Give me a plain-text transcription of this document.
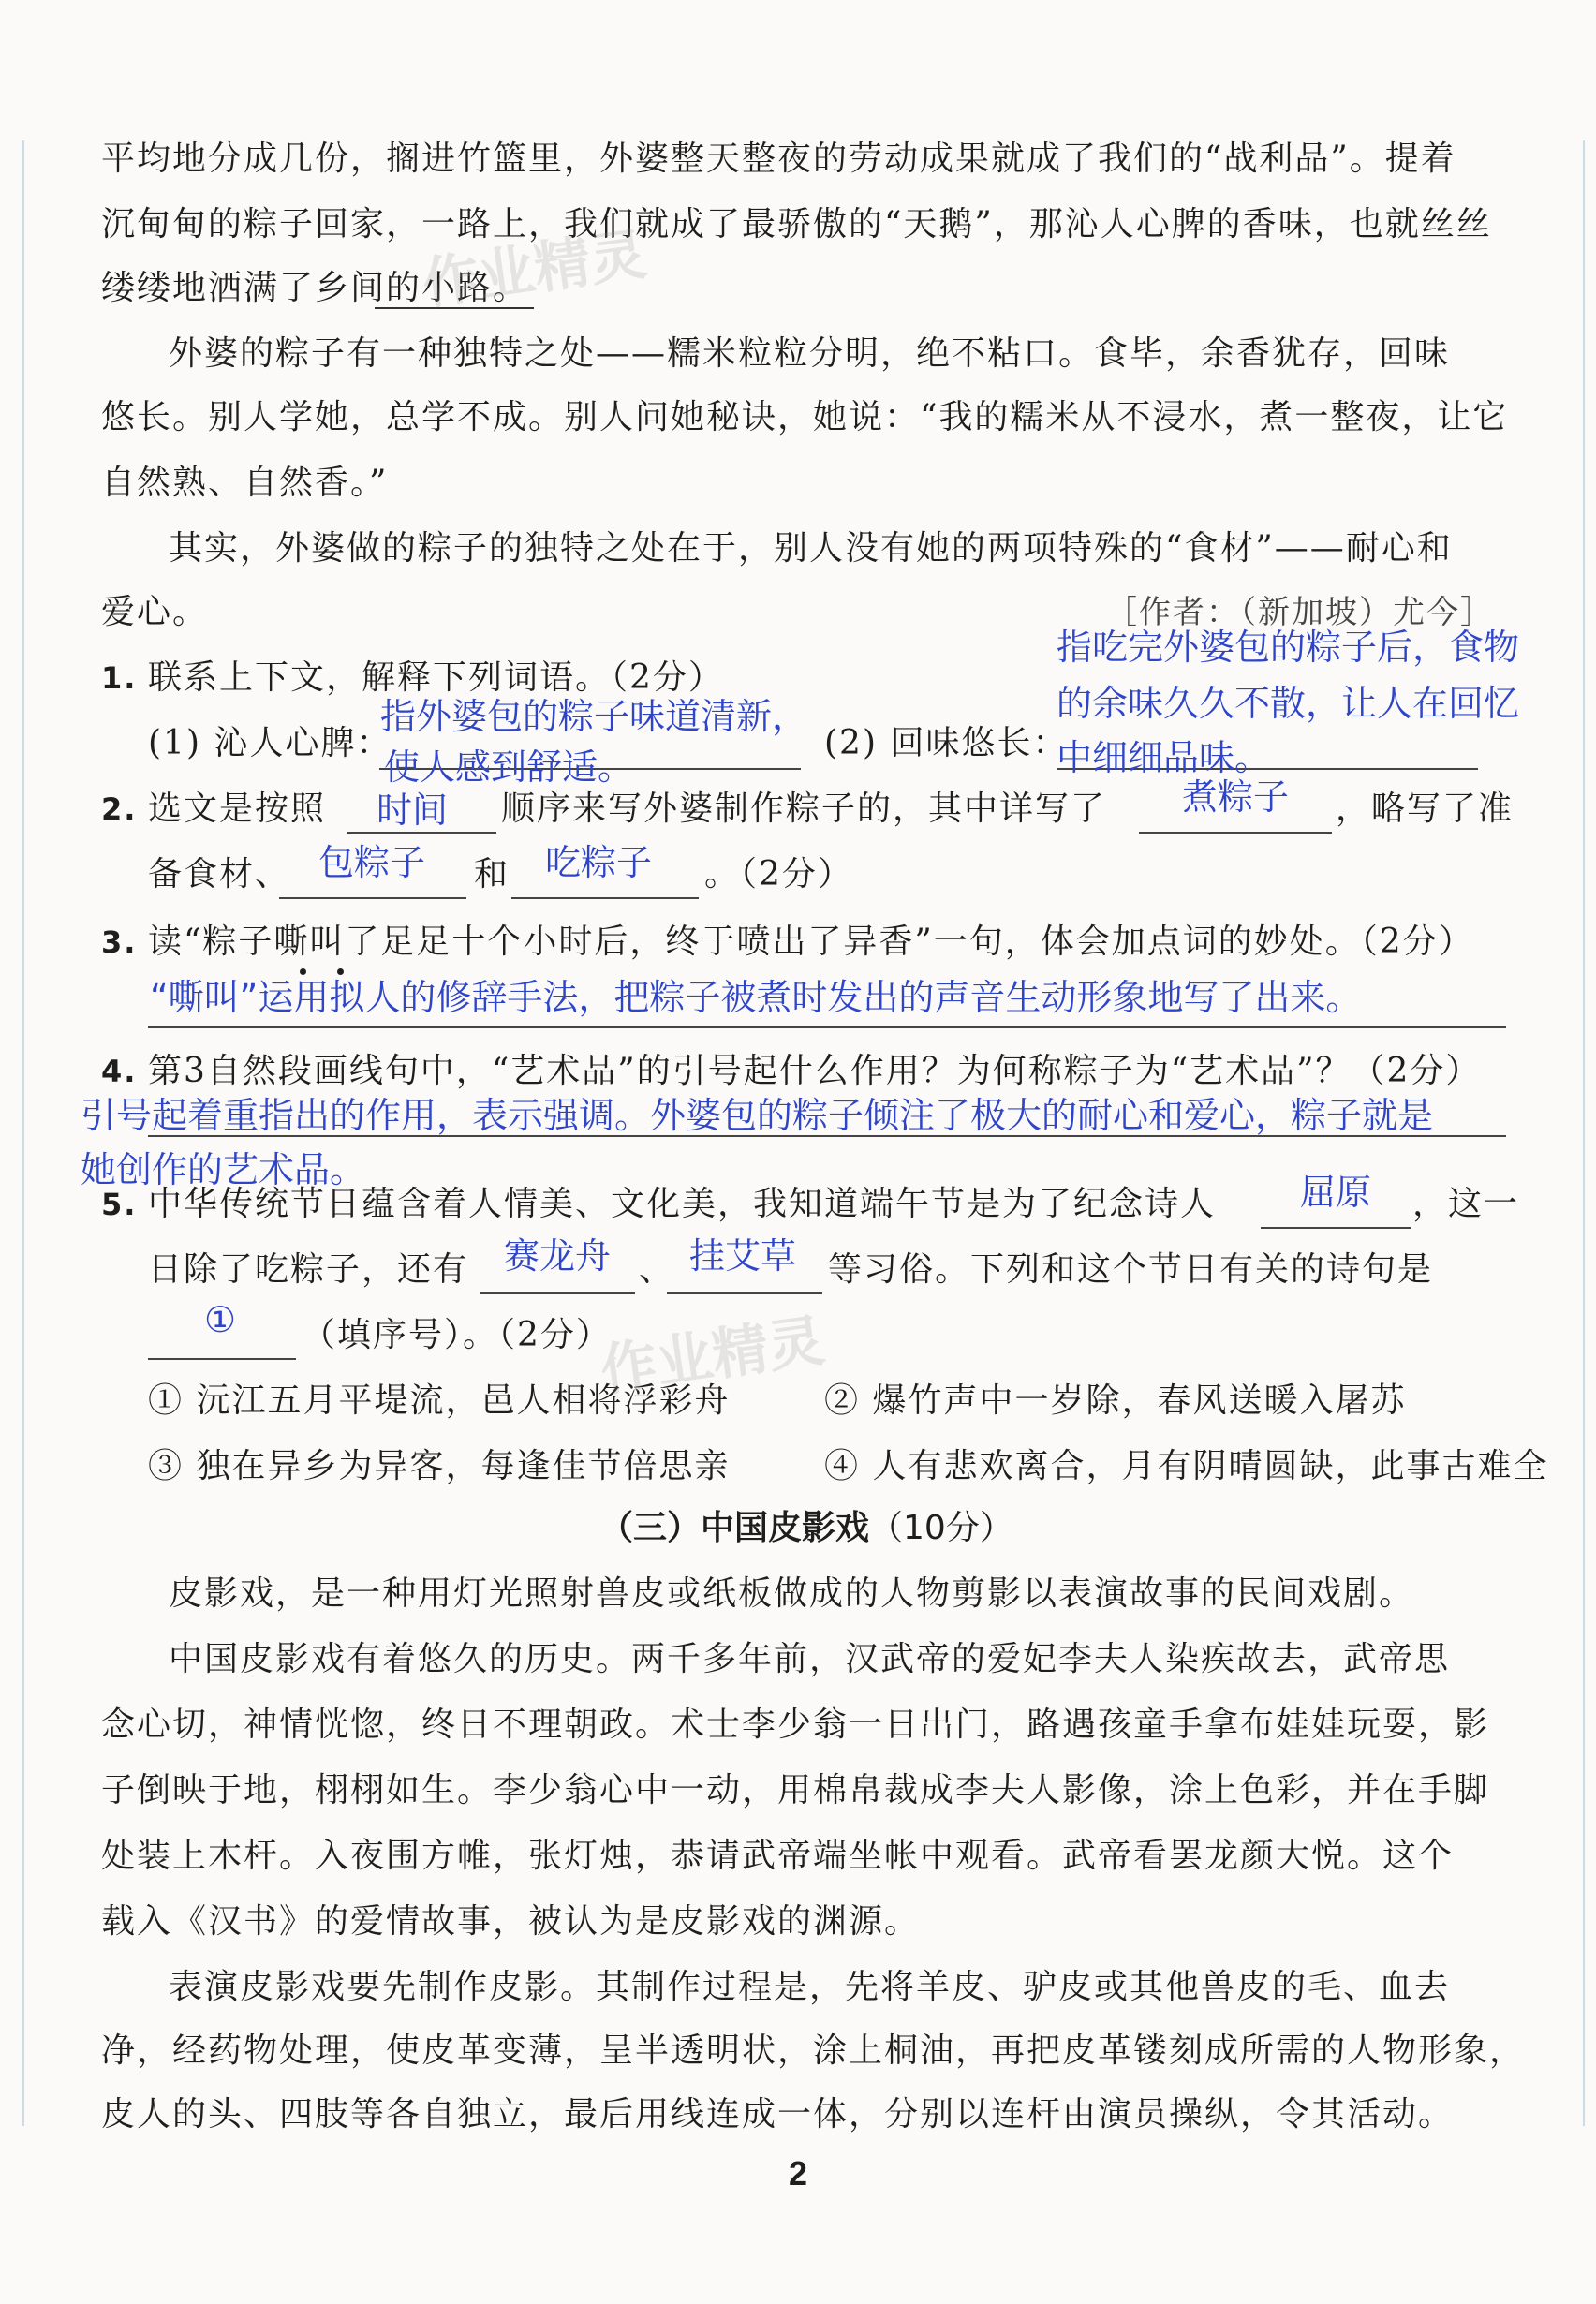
平均地分成几份，搁进竹篮里，外婆整天整夜的劳动成果就成了我们的“战利品”。提着
沉甸甸的粽子回家，一路上，我们就成了最骄傲的“天鹅”，那沁人心脾的香味，也就丝丝
缕缕地洒满了乡间的小路。
外婆的粽子有一种独特之处——糯米粒粒分明，绝不粘口。食毕，余香犹存，回味
悠长。别人学她，总学不成。别人问她秘诀，她说：“我的糯米从不浸水，煮一整夜，让它
自然熟、自然香。”
其实，外婆做的粽子的独特之处在于，别人没有她的两项特殊的“食材”——耐心和
爱心。	［作者：（新加坡）尤今］
1. 联系上下文，解释下列词语。（2分）
(1) 沁人心脾：
指外婆包的粽子味道清新，
使人感到舒适。
(2) 回味悠长：
指吃完外婆包的粽子后，食物
的余味久久不散，让人在回忆
中细细品味。
2. 选文是按照 时间 顺序来写外婆制作粽子的，其中详写了 煮粽子 ，略写了准
备食材、 包粽子 和 吃粽子 。（2分）
3. 读“粽子嘶叫了足足十个小时后，终于喷出了异香”一句，体会加点词的妙处。（2分）
“嘶叫”运用拟人的修辞手法，把粽子被煮时发出的声音生动形象地写了出来。
4. 第3自然段画线句中，“艺术品”的引号起什么作用？为何称粽子为“艺术品”？（2分）
引号起着重指出的作用，表示强调。外婆包的粽子倾注了极大的耐心和爱心，粽子就是
她创作的艺术品。
5. 中华传统节日蕴含着人情美、文化美，我知道端午节是为了纪念诗人 屈原 ，这一
日除了吃粽子，还有 赛龙舟 、 挂艾草 等习俗。下列和这个节日有关的诗句是
① （填序号）。（2分）
① 沅江五月平堤流，邑人相将浮彩舟	② 爆竹声中一岁除，春风送暖入屠苏
③ 独在异乡为异客，每逢佳节倍思亲	④ 人有悲欢离合，月有阴晴圆缺，此事古难全
（三）中国皮影戏（10分）
皮影戏，是一种用灯光照射兽皮或纸板做成的人物剪影以表演故事的民间戏剧。
中国皮影戏有着悠久的历史。两千多年前，汉武帝的爱妃李夫人染疾故去，武帝思
念心切，神情恍惚，终日不理朝政。术士李少翁一日出门，路遇孩童手拿布娃娃玩耍，影
子倒映于地，栩栩如生。李少翁心中一动，用棉帛裁成李夫人影像，涂上色彩，并在手脚
处装上木杆。入夜围方帷，张灯烛，恭请武帝端坐帐中观看。武帝看罢龙颜大悦。这个
载入《汉书》的爱情故事，被认为是皮影戏的渊源。
表演皮影戏要先制作皮影。其制作过程是，先将羊皮、驴皮或其他兽皮的毛、血去
净，经药物处理，使皮革变薄，呈半透明状，涂上桐油，再把皮革镂刻成所需的人物形象，
皮人的头、四肢等各自独立，最后用线连成一体，分别以连杆由演员操纵，令其活动。
作业精灵
作业精灵
2
